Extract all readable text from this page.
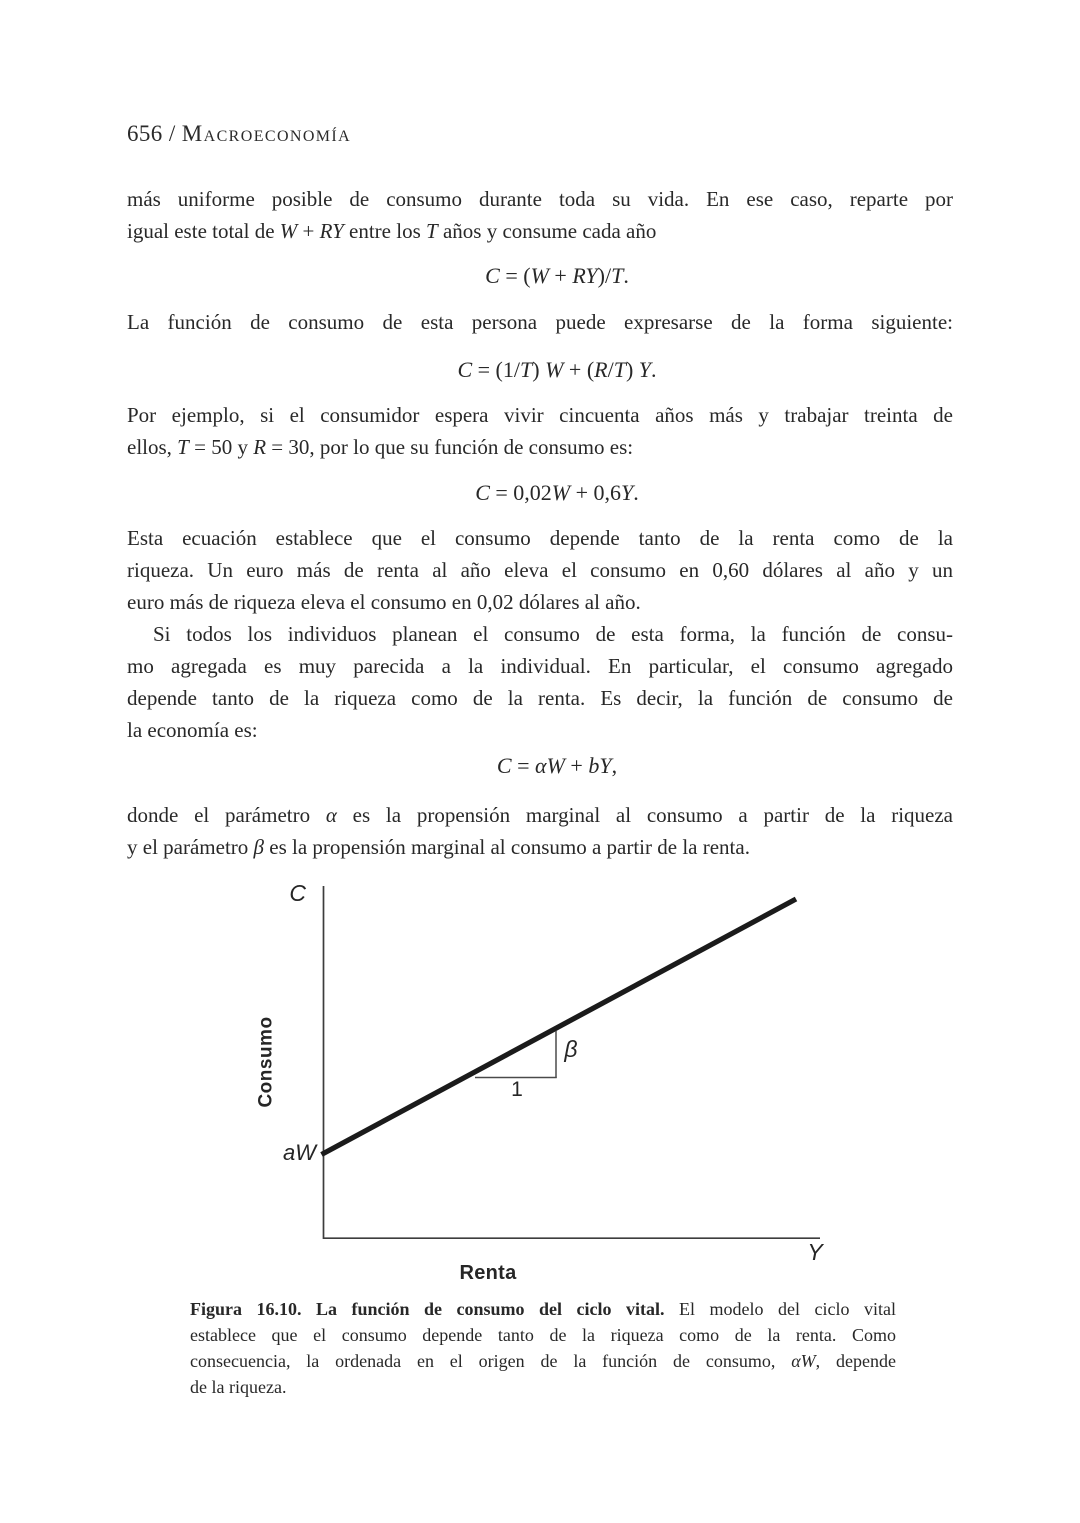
656 / Macroeconomía
más uniforme posible de consumo durante toda su vida. En ese caso, reparte por
igual este total de W + RY entre los T años y consume cada año
C = (W + RY)/T.
La función de consumo de esta persona puede expresarse de la forma siguiente:
C = (1/T) W + (R/T) Y.
Por ejemplo, si el consumidor espera vivir cincuenta años más y trabajar treinta de
ellos, T = 50 y R = 30, por lo que su función de consumo es:
C = 0,02W + 0,6Y.
Esta ecuación establece que el consumo depende tanto de la renta como de la
riqueza. Un euro más de renta al año eleva el consumo en 0,60 dólares al año y un
euro más de riqueza eleva el consumo en 0,02 dólares al año.
Si todos los individuos planean el consumo de esta forma, la función de consu-
mo agregada es muy parecida a la individual. En particular, el consumo agregado
depende tanto de la riqueza como de la renta. Es decir, la función de consumo de
la economía es:
C = αW + bY,
donde el parámetro α es la propensión marginal al consumo a partir de la riqueza
y el parámetro β es la propensión marginal al consumo a partir de la renta.
C
Consumo
aW
1
β
Y
Renta
Figura 16.10. La función de consumo del ciclo vital. El modelo del ciclo vital
establece que el consumo depende tanto de la riqueza como de la renta. Como
consecuencia, la ordenada en el origen de la función de consumo, αW, depende
de la riqueza.
